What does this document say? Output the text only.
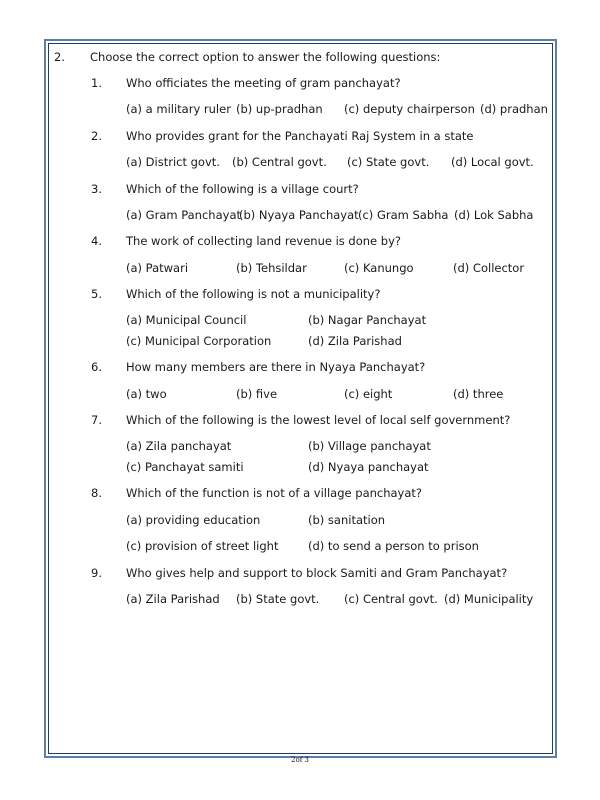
2. Choose the correct option to answer the following questions:
1. Who officiates the meeting of gram panchayat?
(a) a military ruler (b) up-pradhan (c) deputy chairperson (d) pradhan
2. Who provides grant for the Panchayati Raj System in a state
(a) District govt. (b) Central govt. (c) State govt. (d) Local govt.
3. Which of the following is a village court?
(a) Gram Panchayat
(b) Nyaya Panchayat (c) Gram Sabha (d) Lok Sabha
4. The work of collecting land revenue is done by?
(a) Patwari	(b) Tehsildar	(c) Kanungo	(d) Collector
5. Which of the following is not a municipality?
(a) Municipal Council	(b) Nagar Panchayat
(c) Municipal Corporation	(d) Zila Parishad
6. How many members are there in Nyaya Panchayat?
(a) two	(b) five	(c) eight	(d) three
7. Which of the following is the lowest level of local self government?
(a) Zila panchayat	(b) Village panchayat
(c) Panchayat samiti	(d) Nyaya panchayat
8. Which of the function is not of a village panchayat?
(a) providing education	(b) sanitation
(c) provision of street light	(d) to send a person to prison
9. Who gives help and support to block Samiti and Gram Panchayat?
(a) Zila Parishad (b) State govt. (c) Central govt. (d) Municipality
2of 3
